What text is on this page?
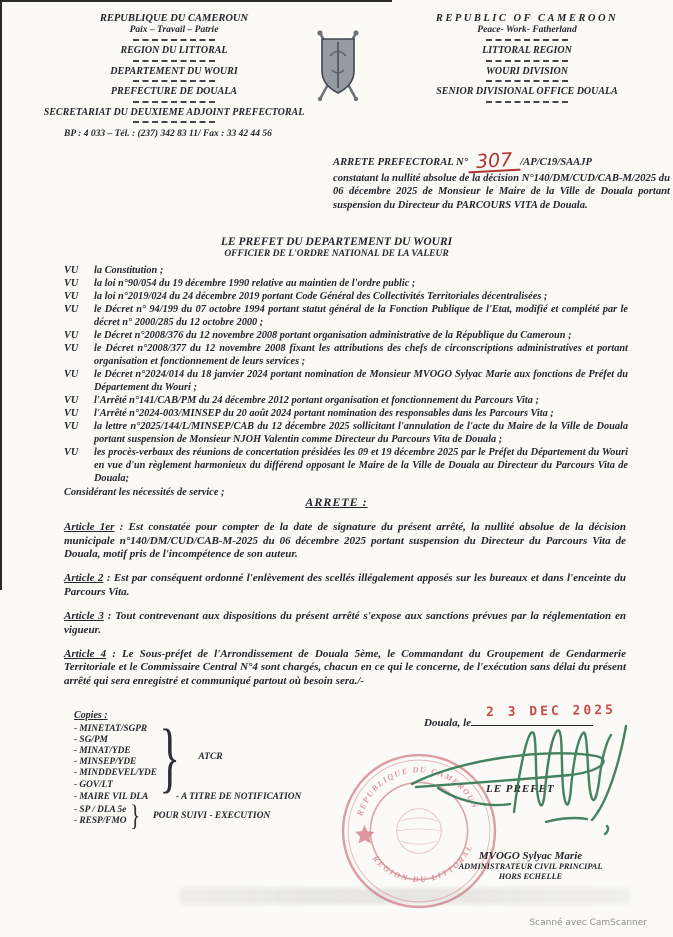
REPUBLIQUE DU CAMEROUN
Paix – Travail – Patrie
REGION DU LITTORAL
DEPARTEMENT DU WOURI
PREFECTURE DE DOUALA
SECRETARIAT DU DEUXIEME ADJOINT PREFECTORAL
REPUBLIC OF CAMEROON
Peace- Work- Fatherland
LITTORAL REGION
WOURI DIVISION
SENIOR DIVISIONAL OFFICE DOUALA
BP : 4 033 – Tél. : (237) 342 83 11/ Fax : 33 42 44 56
ARRETE PREFECTORAL N° 307 /AP/C19/SAAJP
constatant la nullité absolue de la décision N°140/DM/CUD/CAB-M/2025 du 06 décembre 2025 de Monsieur le Maire de la Ville de Douala portant suspension du Directeur du PARCOURS VITA de Douala.
LE PREFET DU DEPARTEMENT DU WOURI
OFFICIER DE L'ORDRE NATIONAL DE LA VALEUR
VU	la Constitution ;
VU	la loi n°90/054 du 19 décembre 1990 relative au maintien de l'ordre public ;
VU	la loi n°2019/024 du 24 décembre 2019 portant Code Général des Collectivités Territoriales décentralisées ;
VU	le Décret n° 94/199 du 07 octobre 1994 portant statut général de la Fonction Publique de l'Etat, modifié et complété par le décret n° 2000/285 du 12 octobre 2000 ;
VU	le Décret n°2008/376 du 12 novembre 2008 portant organisation administrative de la République du Cameroun ;
VU	le Décret n°2008/377 du 12 novembre 2008 fixant les attributions des chefs de circonscriptions administratives et portant organisation et fonctionnement de leurs services ;
VU	le Décret n°2024/014 du 18 janvier 2024 portant nomination de Monsieur MVOGO Sylyac Marie aux fonctions de Préfet du Département du Wouri ;
VU	l'Arrêté n°141/CAB/PM du 24 décembre 2012 portant organisation et fonctionnement du Parcours Vita ;
VU	l'Arrêté n°2024-003/MINSEP du 20 août 2024 portant nomination des responsables dans les Parcours Vita ;
VU	la lettre n°2025/144/L/MINSEP/CAB du 12 décembre 2025 sollicitant l'annulation de l'acte du Maire de la Ville de Douala portant suspension de Monsieur NJOH Valentin comme Directeur du Parcours Vita de Douala ;
VU	les procès-verbaux des réunions de concertation présidées les 09 et 19 décembre 2025 par le Préfet du Département du Wouri en vue d'un règlement harmonieux du différend opposant le Maire de la Ville de Douala au Directeur du Parcours Vita de Douala;
Considérant les nécessités de service ;
ARRETE :

Article 1er : Est constatée pour compter de la date de signature du présent arrêté, la nullité absolue de la décision municipale n°140/DM/CUD/CAB-M-2025 du 06 décembre 2025 portant suspension du Directeur du Parcours Vita de Douala, motif pris de l'incompétence de son auteur.

Article 2 : Est par conséquent ordonné l'enlèvement des scellés illégalement apposés sur les bureaux et dans l'enceinte du Parcours Vita.

Article 3 : Tout contrevenant aux dispositions du présent arrêté s'expose aux sanctions prévues par la réglementation en vigueur.

Article 4 : Le Sous-préfet de l'Arrondissement de Douala 5ème, le Commandant du Groupement de Gendarmerie Territoriale et le Commissaire Central N°4 sont chargés, chacun en ce qui le concerne, de l'exécution sans délai du présent arrêté qui sera enregistré et communiqué partout où besoin sera./-

Copies :
- MINETAT/SGPR
- SG/PM
- MINAT/YDE
- MINSEP/YDE
- MINDDEVEL/YDE
- GOV/LT } ATCR
- MAIRE VIL DLA	- A TITRE DE NOTIFICATION
- SP / DLA 5e
- RESP/FMO } POUR SUIVI - EXECUTION
Douala, le
2 3 DEC 2025
REPUBLIQUE DU CAMEROUN
REGION DU LITTORAL
LE PREFET
MVOGO Sylyac Marie
ADMINISTRATEUR CIVIL PRINCIPAL
HORS ECHELLE
Scanné avec CamScanner
